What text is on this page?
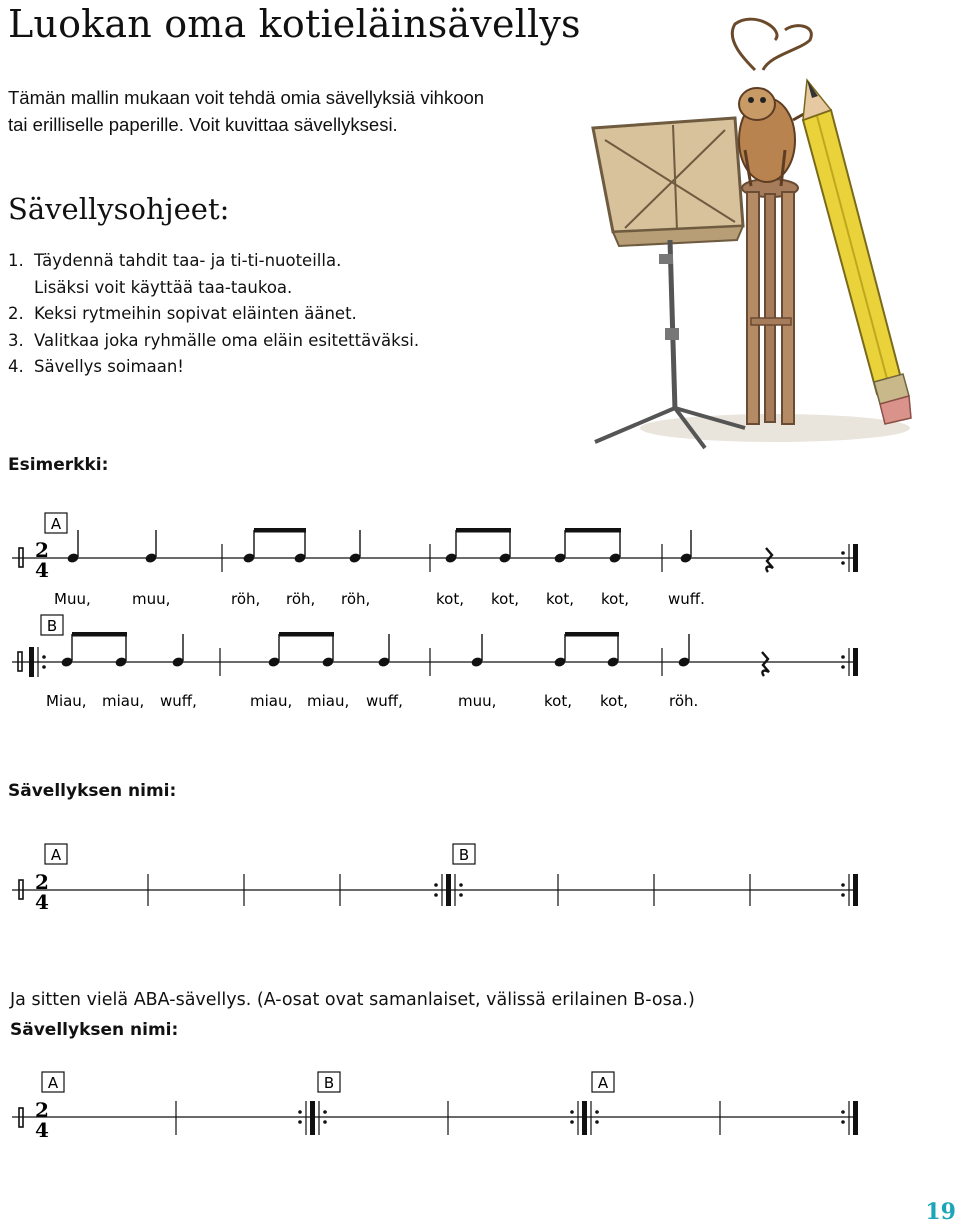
Luokan oma kotieläinsävellys
Tämän mallin mukaan voit tehdä omia sävellyksiä vihkoon
tai erilliselle paperille. Voit kuvittaa sävellyksesi.
Sävellysohjeet:
1. Täydennä tahdit taa- ja ti-ti-nuoteilla.
Lisäksi voit käyttää taa-taukoa.
2. Keksi rytmeihin sopivat eläinten äänet.
3. Valitkaa joka ryhmälle oma eläin esitettäväksi.
4. Sävellys soimaan!
Esimerkki:
A
2
4
Muu,	muu,	röh, röh, röh,	kot, kot, kot, kot,	wuff.
B
Miau, miau, wuff,	miau, miau, wuff,	muu,	kot, kot,	röh.
Sävellyksen nimi:
A	B
2
4
Ja sitten vielä ABA-sävellys. (A-osat ovat samanlaiset, välissä erilainen B-osa.)
Sävellyksen nimi:
A	B	A
2
4
19
